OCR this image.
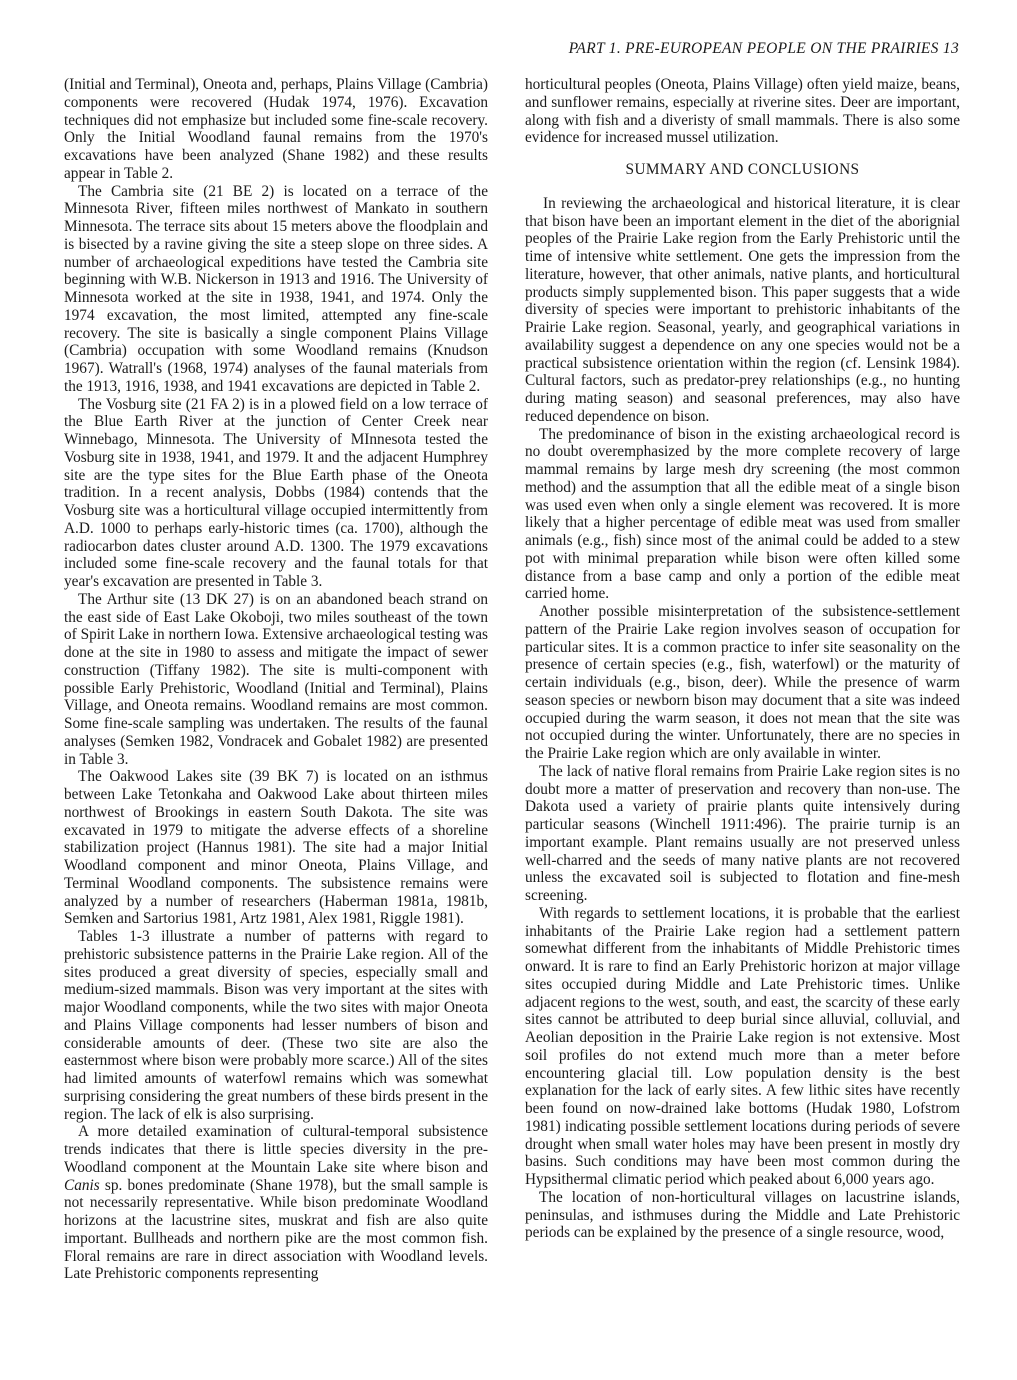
PART 1. PRE-EUROPEAN PEOPLE ON THE PRAIRIES 13

(Initial and Terminal), Oneota and, perhaps, Plains Village (Cambria) components were recovered (Hudak 1974, 1976). Excavation techniques did not emphasize but included some fine-scale recovery. Only the Initial Woodland faunal remains from the 1970's excavations have been analyzed (Shane 1982) and these results appear in Table 2.

The Cambria site (21 BE 2) is located on a terrace of the Minnesota River, fifteen miles northwest of Mankato in southern Minnesota. The terrace sits about 15 meters above the floodplain and is bisected by a ravine giving the site a steep slope on three sides. A number of archaeological expeditions have tested the Cambria site beginning with W.B. Nickerson in 1913 and 1916. The University of Minnesota worked at the site in 1938, 1941, and 1974. Only the 1974 excavation, the most limited, attempted any fine-scale recovery. The site is basically a single component Plains Village (Cambria) occupation with some Woodland remains (Knudson 1967). Watrall's (1968, 1974) analyses of the faunal materials from the 1913, 1916, 1938, and 1941 excavations are depicted in Table 2.

The Vosburg site (21 FA 2) is in a plowed field on a low terrace of the Blue Earth River at the junction of Center Creek near Winnebago, Minnesota. The University of MInnesota tested the Vosburg site in 1938, 1941, and 1979. It and the adjacent Humphrey site are the type sites for the Blue Earth phase of the Oneota tradition. In a recent analysis, Dobbs (1984) contends that the Vosburg site was a horticultural village occupied intermittently from A.D. 1000 to perhaps early-historic times (ca. 1700), although the radiocarbon dates cluster around A.D. 1300. The 1979 excavations included some fine-scale recovery and the faunal totals for that year's excavation are presented in Table 3.

The Arthur site (13 DK 27) is on an abandoned beach strand on the east side of East Lake Okoboji, two miles southeast of the town of Spirit Lake in northern Iowa. Extensive archaeological testing was done at the site in 1980 to assess and mitigate the impact of sewer construction (Tiffany 1982). The site is multi-component with possible Early Prehistoric, Woodland (Initial and Terminal), Plains Village, and Oneota remains. Woodland remains are most common. Some fine-scale sampling was undertaken. The results of the faunal analyses (Semken 1982, Vondracek and Gobalet 1982) are presented in Table 3.

The Oakwood Lakes site (39 BK 7) is located on an isthmus between Lake Tetonkaha and Oakwood Lake about thirteen miles northwest of Brookings in eastern South Dakota. The site was excavated in 1979 to mitigate the adverse effects of a shoreline stabilization project (Hannus 1981). The site had a major Initial Woodland component and minor Oneota, Plains Village, and Terminal Woodland components. The subsistence remains were analyzed by a number of researchers (Haberman 1981a, 1981b, Semken and Sartorius 1981, Artz 1981, Alex 1981, Riggle 1981).

Tables 1-3 illustrate a number of patterns with regard to prehistoric subsistence patterns in the Prairie Lake region. All of the sites produced a great diversity of species, especially small and medium-sized mammals. Bison was very important at the sites with major Woodland components, while the two sites with major Oneota and Plains Village components had lesser numbers of bison and considerable amounts of deer. (These two site are also the easternmost where bison were probably more scarce.) All of the sites had limited amounts of waterfowl remains which was somewhat surprising considering the great numbers of these birds present in the region. The lack of elk is also surprising.

A more detailed examination of cultural-temporal subsistence trends indicates that there is little species diversity in the pre-Woodland component at the Mountain Lake site where bison and Canis sp. bones predominate (Shane 1978), but the small sample is not necessarily representative. While bison predominate Woodland horizons at the lacustrine sites, muskrat and fish are also quite important. Bullheads and northern pike are the most common fish. Floral remains are rare in direct association with Woodland levels. Late Prehistoric components representing

horticultural peoples (Oneota, Plains Village) often yield maize, beans, and sunflower remains, especially at riverine sites. Deer are important, along with fish and a diveristy of small mammals. There is also some evidence for increased mussel utilization.

SUMMARY AND CONCLUSIONS

In reviewing the archaeological and historical literature, it is clear that bison have been an important element in the diet of the aborignial peoples of the Prairie Lake region from the Early Prehistoric until the time of intensive white settlement. One gets the impression from the literature, however, that other animals, native plants, and horticultural products simply supplemented bison. This paper suggests that a wide diversity of species were important to prehistoric inhabitants of the Prairie Lake region. Seasonal, yearly, and geographical variations in availability suggest a dependence on any one species would not be a practical subsistence orientation within the region (cf. Lensink 1984). Cultural factors, such as predator-prey relationships (e.g., no hunting during mating season) and seasonal preferences, may also have reduced dependence on bison.

The predominance of bison in the existing archaeological record is no doubt overemphasized by the more complete recovery of large mammal remains by large mesh dry screening (the most common method) and the assumption that all the edible meat of a single bison was used even when only a single element was recovered. It is more likely that a higher percentage of edible meat was used from smaller animals (e.g., fish) since most of the animal could be added to a stew pot with minimal preparation while bison were often killed some distance from a base camp and only a portion of the edible meat carried home.

Another possible misinterpretation of the subsistence-settlement pattern of the Prairie Lake region involves season of occupation for particular sites. It is a common practice to infer site seasonality on the presence of certain species (e.g., fish, waterfowl) or the maturity of certain individuals (e.g., bison, deer). While the presence of warm season species or newborn bison may document that a site was indeed occupied during the warm season, it does not mean that the site was not occupied during the winter. Unfortunately, there are no species in the Prairie Lake region which are only available in winter.

The lack of native floral remains from Prairie Lake region sites is no doubt more a matter of preservation and recovery than non-use. The Dakota used a variety of prairie plants quite intensively during particular seasons (Winchell 1911:496). The prairie turnip is an important example. Plant remains usually are not preserved unless well-charred and the seeds of many native plants are not recovered unless the excavated soil is subjected to flotation and fine-mesh screening.

With regards to settlement locations, it is probable that the earliest inhabitants of the Prairie Lake region had a settlement pattern somewhat different from the inhabitants of Middle Prehistoric times onward. It is rare to find an Early Prehistoric horizon at major village sites occupied during Middle and Late Prehistoric times. Unlike adjacent regions to the west, south, and east, the scarcity of these early sites cannot be attributed to deep burial since alluvial, colluvial, and Aeolian deposition in the Prairie Lake region is not extensive. Most soil profiles do not extend much more than a meter before encountering glacial till. Low population density is the best explanation for the lack of early sites. A few lithic sites have recently been found on now-drained lake bottoms (Hudak 1980, Lofstrom 1981) indicating possible settlement locations during periods of severe drought when small water holes may have been present in mostly dry basins. Such conditions may have been most common during the Hypsithermal climatic period which peaked about 6,000 years ago.

The location of non-horticultural villages on lacustrine islands, peninsulas, and isthmuses during the Middle and Late Prehistoric periods can be explained by the presence of a single resource, wood,
